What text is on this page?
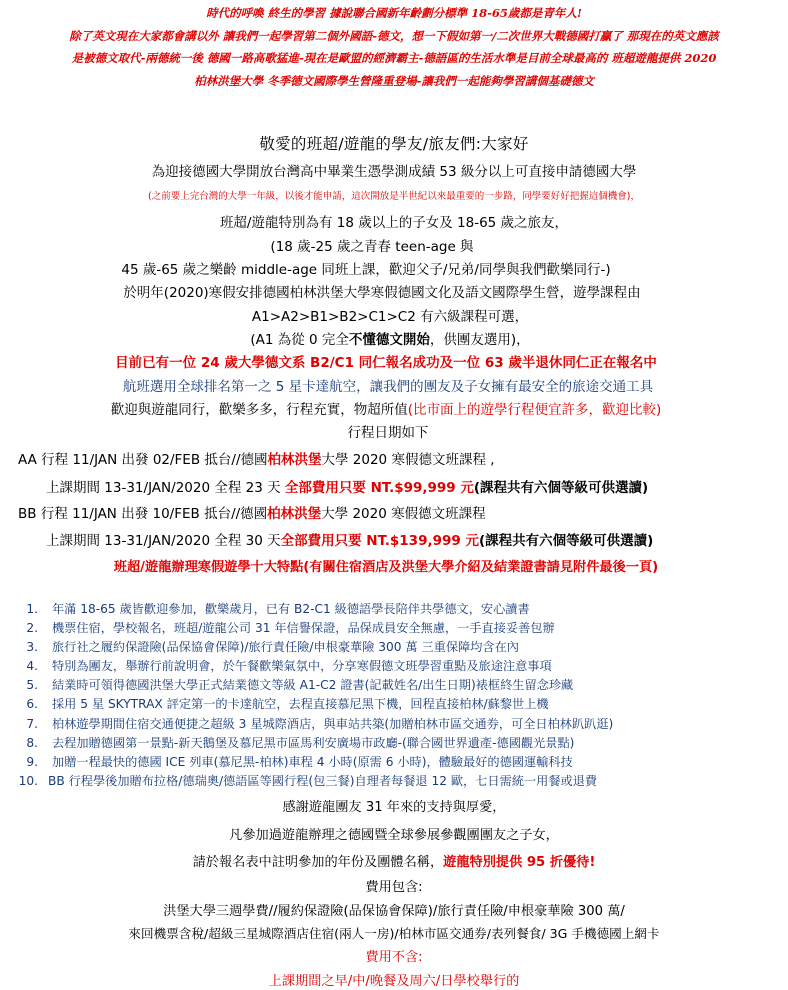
時代的呼喚 終生的學習 據說聯合國新年齡劃分標準 18-65歲都是青年人!
除了英文現在大家都會講以外 讓我們一起學習第二個外國語-德文，想一下假如第一/二次世界大戰德國打贏了 那現在的英文應該
是被德文取代-兩德統一後 德國一路高歌猛進-現在是歐盟的經濟霸主-德語區的生活水準是目前全球最高的 班超遊龍提供 2020
柏林洪堡大學 冬季德文國際學生營隆重登場-讓我們一起能夠學習講個基礎德文
敬愛的班超/遊龍的學友/旅友們:大家好
為迎接德國大學開放台灣高中畢業生憑學測成績 53 級分以上可直接申請德國大學
(之前要上完台灣的大學一年級，以後才能申請，這次開放是半世紀以來最重要的一步路，同學要好好把握這個機會)，
班超/遊龍特別為有 18 歲以上的子女及 18-65 歲之旅友，
(18 歲-25 歲之青春 teen-age 與
45 歲-65 歲之樂齡 middle-age 同班上課，歡迎父子/兄弟/同學與我們歡樂同行-)
於明年(2020)寒假安排德國柏林洪堡大學寒假德國文化及語文國際學生營，遊學課程由
A1>A2>B1>B2>C1>C2 有六級課程可選，
(A1 為從 0 完全不懂德文開始，供團友選用)，
目前已有一位 24 歲大學德文系 B2/C1 同仁報名成功及一位 63 歲半退休同仁正在報名中
航班選用全球排名第一之 5 星卡達航空，讓我們的團友及子女擁有最安全的旅途交通工具
歡迎與遊龍同行，歡樂多多，行程充實，物超所值(比市面上的遊學行程便宜許多，歡迎比較)
行程日期如下
AA 行程 11/JAN 出發 02/FEB 抵台//德國柏林洪堡大學 2020 寒假德文班課程 ,
上課期間 13-31/JAN/2020 全程 23 天 全部費用只要 NT.$99,999 元(課程共有六個等級可供選讀)
BB 行程 11/JAN 出發 10/FEB 抵台//德國柏林洪堡大學 2020 寒假德文班課程
上課期間 13-31/JAN/2020 全程 30 天全部費用只要 NT.$139,999 元(課程共有六個等級可供選讀)
班超/遊龍辦理寒假遊學十大特點(有關住宿酒店及洪堡大學介紹及結業證書請見附件最後一頁)
1. 年滿 18-65 歲皆歡迎參加，歡樂歲月，已有 B2-C1 級德語學長陪伴共學德文，安心讀書
2. 機票住宿，學校報名，班超/遊龍公司 31 年信譽保證，品保成員安全無慮，一手直接妥善包辦
3. 旅行社之履約保證險(品保協會保障)/旅行責任險/申根豪華險 300 萬 三重保障均含在內
4. 特別為團友，舉辦行前說明會，於午餐歡樂氣氛中，分享寒假德文班學習重點及旅途注意事項
5. 結業時可領得德國洪堡大學正式結業德文等級 A1-C2 證書(記載姓名/出生日期)裱框終生留念珍藏
6. 採用 5 星 SKYTRAX 評定第一的卡達航空，去程直接慕尼黑下機，回程直接柏林/蘇黎世上機
7. 柏林遊學期間住宿交通便捷之超級 3 星城際酒店，與車站共築(加贈柏林市區交通券，可全日柏林趴趴逛)
8. 去程加贈德國第一景點-新天鵝堡及慕尼黑市區馬利安廣場市政廳-(聯合國世界遺產-德國觀光景點)
9. 加贈一程最快的德國 ICE 列車(慕尼黑-柏林)車程 4 小時(原需 6 小時)，體驗最好的德國運輸科技
10. BB 行程學後加贈布拉格/德瑞奧/德語區等國行程(包三餐)自理者每餐退 12 歐，七日需統一用餐或退費
感謝遊龍團友 31 年來的支持與厚愛，
凡參加過遊龍辦理之德國暨全球參展參觀團團友之子女，
請於報名表中註明參加的年份及團體名稱，遊龍特別提供 95 折優待!
費用包含:
洪堡大學三週學費//履約保證險(品保協會保障)/旅行責任險/申根豪華險 300 萬/
來回機票含稅/超級三星城際酒店住宿(兩人一房)/柏林市區交通券/表列餐食/ 3G 手機德國上網卡
費用不含:
上課期間之早/中/晚餐及周六/日學校舉行的
